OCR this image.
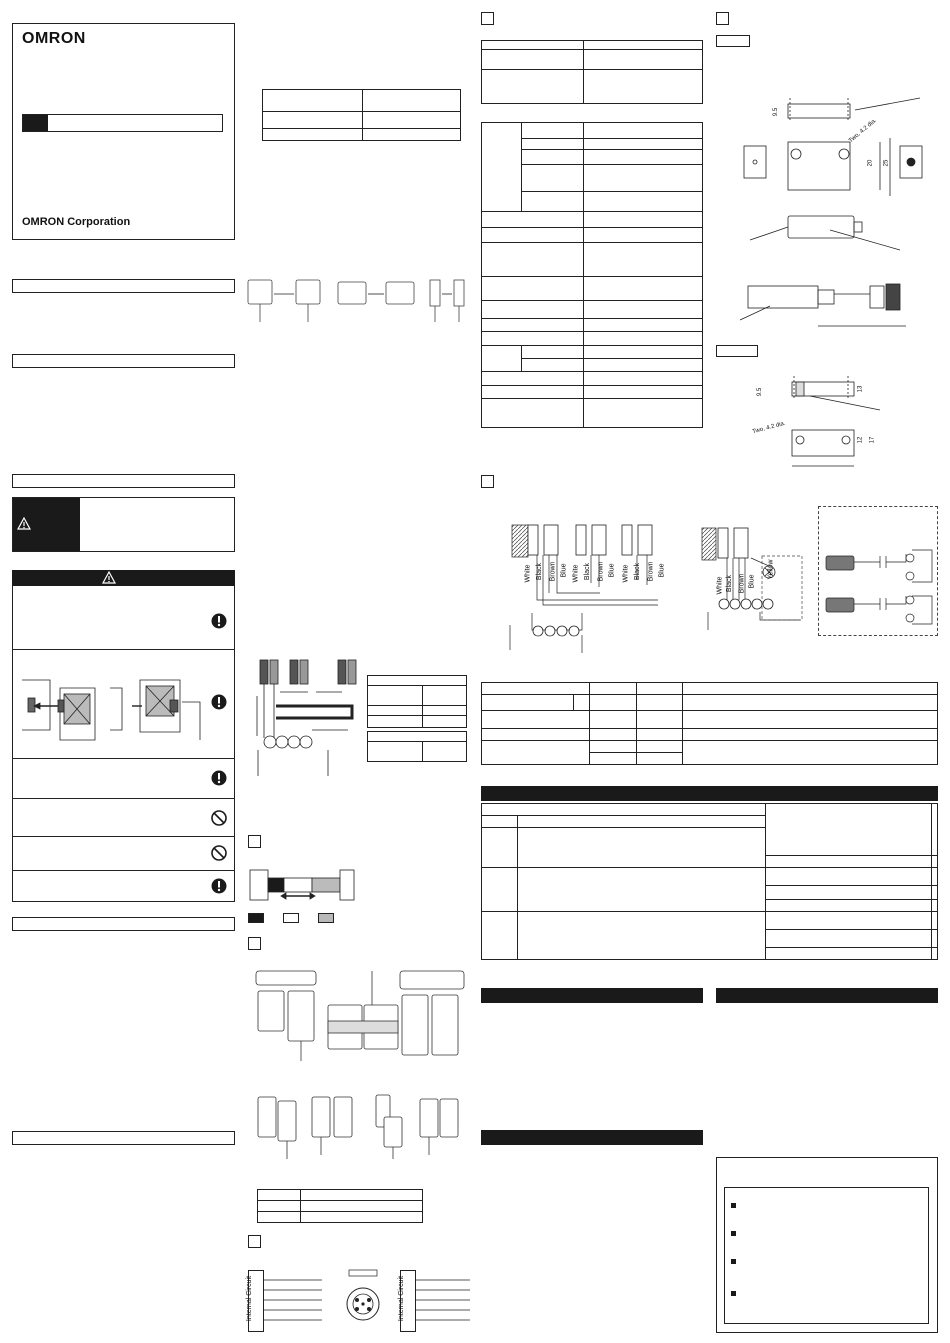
OMRON
OMRON Corporation

Internal Circuit	Internal Circuit

White Black Brown Blue White Black Brown Blue White Black Brown Blue
White Black Brown Blue
Yellow

9.5
Two, 4.2 dia.
20 25
9.5	13
Two, 4.2 dia.
12 17
